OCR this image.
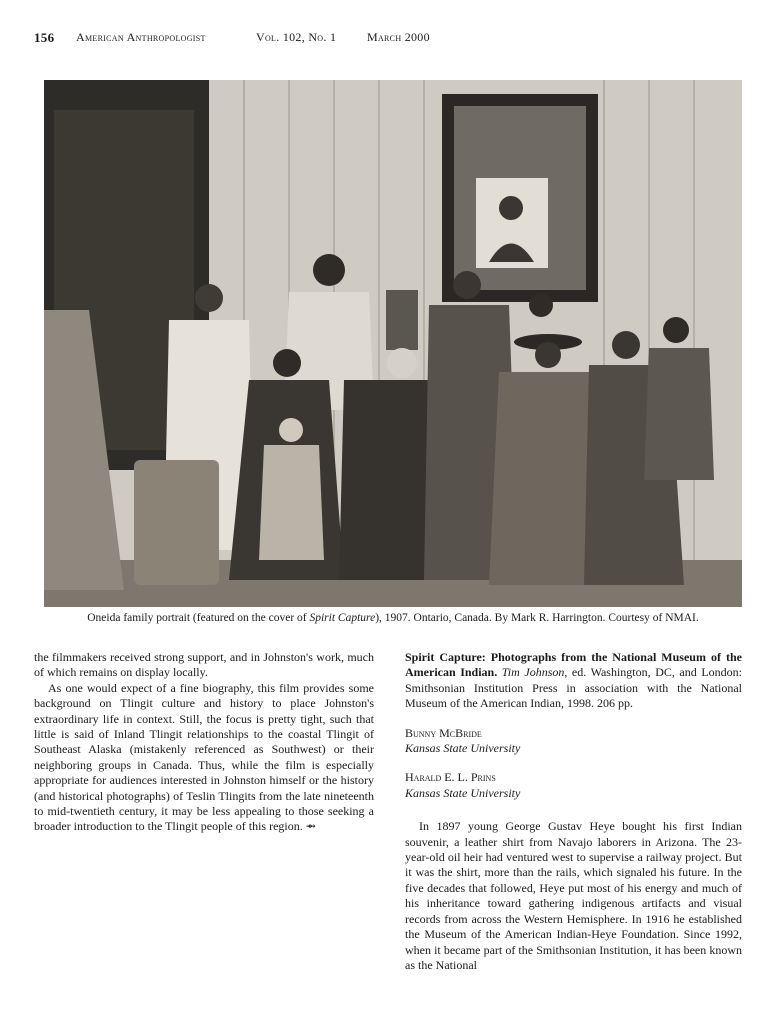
156 American Anthropologist	Vol. 102, No. 1	March 2000
Oneida family portrait (featured on the cover of Spirit Capture), 1907. Ontario, Canada. By Mark R. Harrington. Courtesy of NMAI.

the filmmakers received strong support, and in Johnston's work, much of which remains on display locally.

As one would expect of a fine biography, this film provides some background on Tlingit culture and history to place Johnston's extraordinary life in context. Still, the focus is pretty tight, such that little is said of Inland Tlingit relationships to the coastal Tlingit of Southeast Alaska (mistakenly referenced as Southwest) or their neighboring groups in Canada. Thus, while the film is especially appropriate for audiences interested in Johnston himself or the history (and historical photographs) of Teslin Tlingits from the late nineteenth to mid-twentieth century, it may be less appealing to those seeking a broader introduction to the Tlingit people of this region. ⇴

Spirit Capture: Photographs from the National Museum of the American Indian. Tim Johnson, ed. Washington, DC, and London: Smithsonian Institution Press in association with the National Museum of the American Indian, 1998. 206 pp.

Bunny McBride
Kansas State University
Harald E. L. Prins
Kansas State University

In 1897 young George Gustav Heye bought his first Indian souvenir, a leather shirt from Navajo laborers in Arizona. The 23-year-old oil heir had ventured west to supervise a railway project. But it was the shirt, more than the rails, which signaled his future. In the five decades that followed, Heye put most of his energy and much of his inheritance toward gathering indigenous artifacts and visual records from across the Western Hemisphere. In 1916 he established the Museum of the American Indian-Heye Foundation. Since 1992, when it became part of the Smithsonian Institution, it has been known as the National
